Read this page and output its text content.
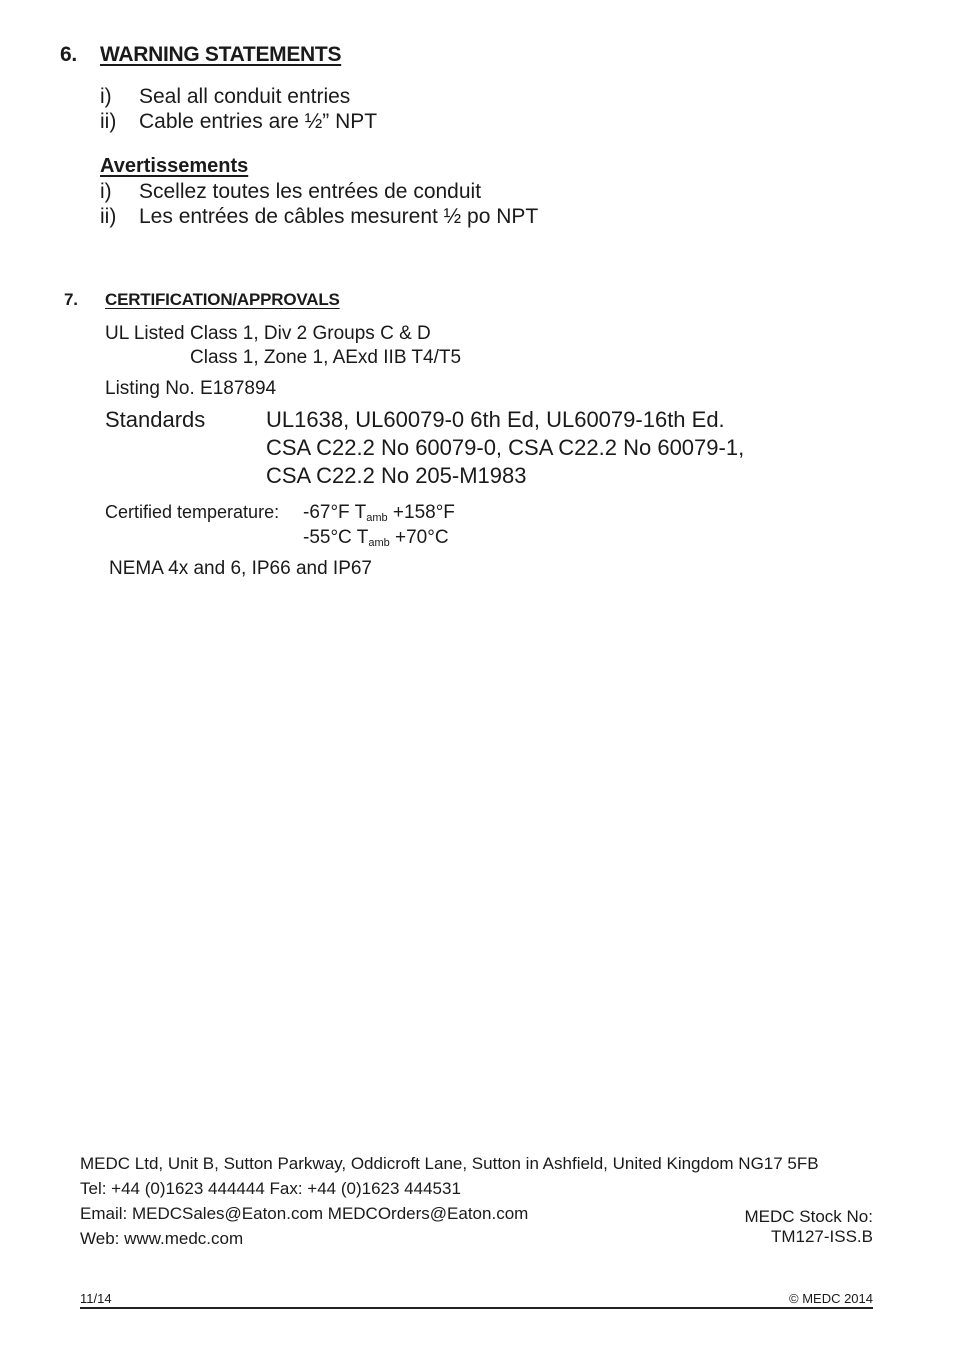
6. WARNING STATEMENTS
i) Seal all conduit entries
ii) Cable entries are ½” NPT
Avertissements
i) Scellez toutes les entrées de conduit
ii) Les entrées de câbles mesurent ½ po NPT
7. CERTIFICATION/APPROVALS
UL Listed Class 1, Div 2 Groups C & D
Class 1, Zone 1, AExd IIB T4/T5
Listing No. E187894
Standards	UL1638, UL60079-0 6th Ed, UL60079-16th Ed.
CSA C22.2 No 60079-0, CSA C22.2 No 60079-1,
CSA C22.2 No 205-M1983
Certified temperature: -67°F $T_{amb} +158^\circ F$
-55°C $T_{amb} +70^\circ C$
NEMA 4x and 6, IP66 and IP67
MEDC Ltd, Unit B, Sutton Parkway, Oddicroft Lane, Sutton in Ashfield, United Kingdom NG17 5FB
Tel: +44 (0)1623 444444 Fax: +44 (0)1623 444531
Email: MEDCSales@Eaton.com MEDCOrders@Eaton.com
Web: www.medc.com
MEDC Stock No:
TM127-ISS.B
11/14	© MEDC 2014
